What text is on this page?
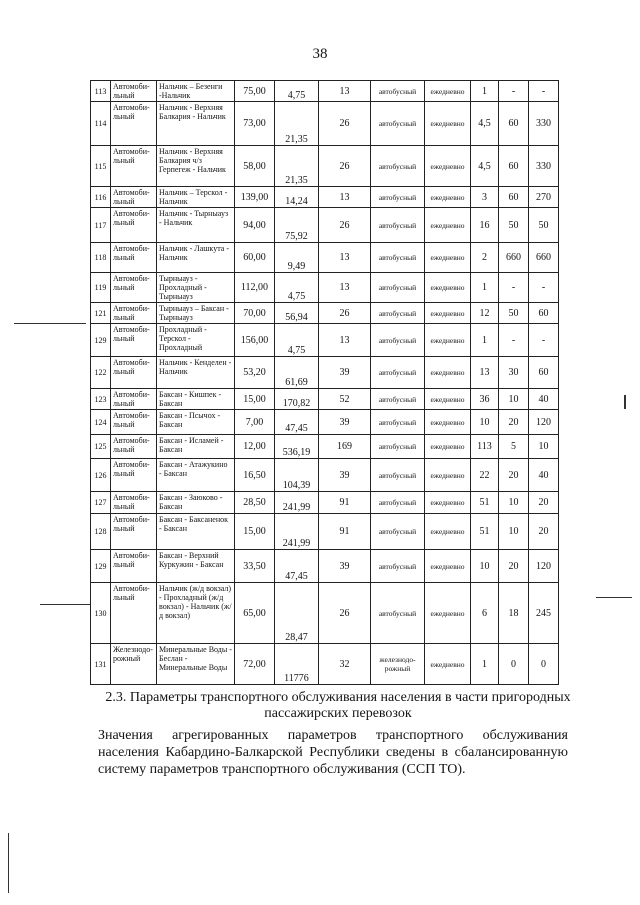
38
113	Автомоби-льный	Нальчик – Безенги -Нальчик	75,00	4,75	13	автобусный	ежедневно	1	-	-
114	Автомоби-льный	Нальчик - Верхняя Балкария - Нальчик	73,00	21,35	26	автобусный	ежедневно	4,5	60	330
115	Автомоби-льный	Нальчик - Верхняя Балкария ч/з Герпегеж - Нальчик	58,00	21,35	26	автобусный	ежедневно	4,5	60	330
116	Автомоби-льный	Нальчик – Терскол - Нальчик	139,00	14,24	13	автобусный	ежедневно	3	60	270
117	Автомоби-льный	Нальчик - Тырныауз - Нальчик	94,00	75,92	26	автобусный	ежедневно	16	50	50
118	Автомоби-льный	Нальчик - Лашкута - Нальчик	60,00	9,49	13	автобусный	ежедневно	2	660	660
119	Автомоби-льный	Тырныауз - Прохладный - Тырныауз	112,00	4,75	13	автобусный	ежедневно	1	-	-
121	Автомоби-льный	Тырныауз – Баксан - Тырныауз	70,00	56,94	26	автобусный	ежедневно	12	50	60
129	Автомоби-льный	Прохладный - Терскол - Прохладный	156,00	4,75	13	автобусный	ежедневно	1	-	-
122	Автомоби-льный	Нальчик - Кенделен - Нальчик	53,20	61,69	39	автобусный	ежедневно	13	30	60
123	Автомоби-льный	Баксан - Кишпек - Баксан	15,00	170,82	52	автобусный	ежедневно	36	10	40
124	Автомоби-льный	Баксан - Псычох - Баксан	7,00	47,45	39	автобусный	ежедневно	10	20	120
125	Автомоби-льный	Баксан - Исламей - Баксан	12,00	536,19	169	автобусный	ежедневно	113	5	10
126	Автомоби-льный	Баксан - Атажукино - Баксан	16,50	104,39	39	автобусный	ежедневно	22	20	40
127	Автомоби-льный	Баксан - Заюково - Баксан	28,50	241,99	91	автобусный	ежедневно	51	10	20
128	Автомоби-льный	Баксан - Баксаненок - Баксан	15,00	241,99	91	автобусный	ежедневно	51	10	20
129	Автомоби-льный	Баксан - Верхний Куркужин - Баксан	33,50	47,45	39	автобусный	ежедневно	10	20	120
130	Автомоби-льный	Нальчик (ж/д вокзал) - Прохладный (ж/д вокзал) - Нальчик (ж/д вокзал)	65,00	28,47	26	автобусный	ежедневно	6	18	245
131	Железнодо-рожный	Минеральные Воды - Беслан - Минеральные Воды	72,00	11776	32	железнодо-рожный	ежедневно	1	0	0
2.3. Параметры транспортного обслуживания населения в части пригородных пассажирских перевозок
Значения агрегированных параметров транспортного обслуживания населения Кабардино-Балкарской Республики сведены в сбалансированную систему параметров транспортного обслуживания (ССП ТО).
